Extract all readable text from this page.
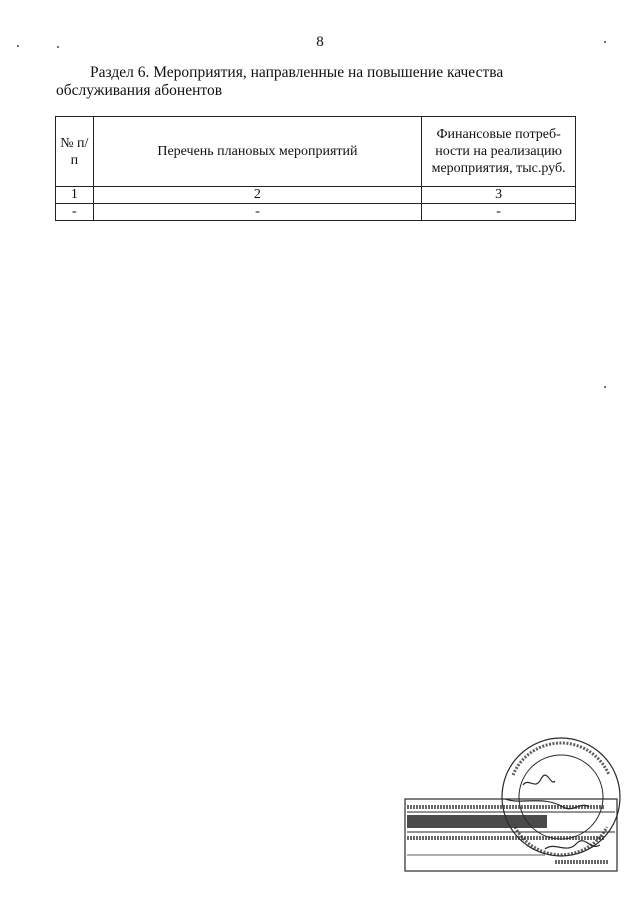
8
Раздел 6. Мероприятия, направленные на повышение качества обслуживания абонентов
№ п/п	Перечень плановых мероприятий	Финансовые потреб-ности на реализацию мероприятия, тыс.руб.
1	2	3
-	-	-
